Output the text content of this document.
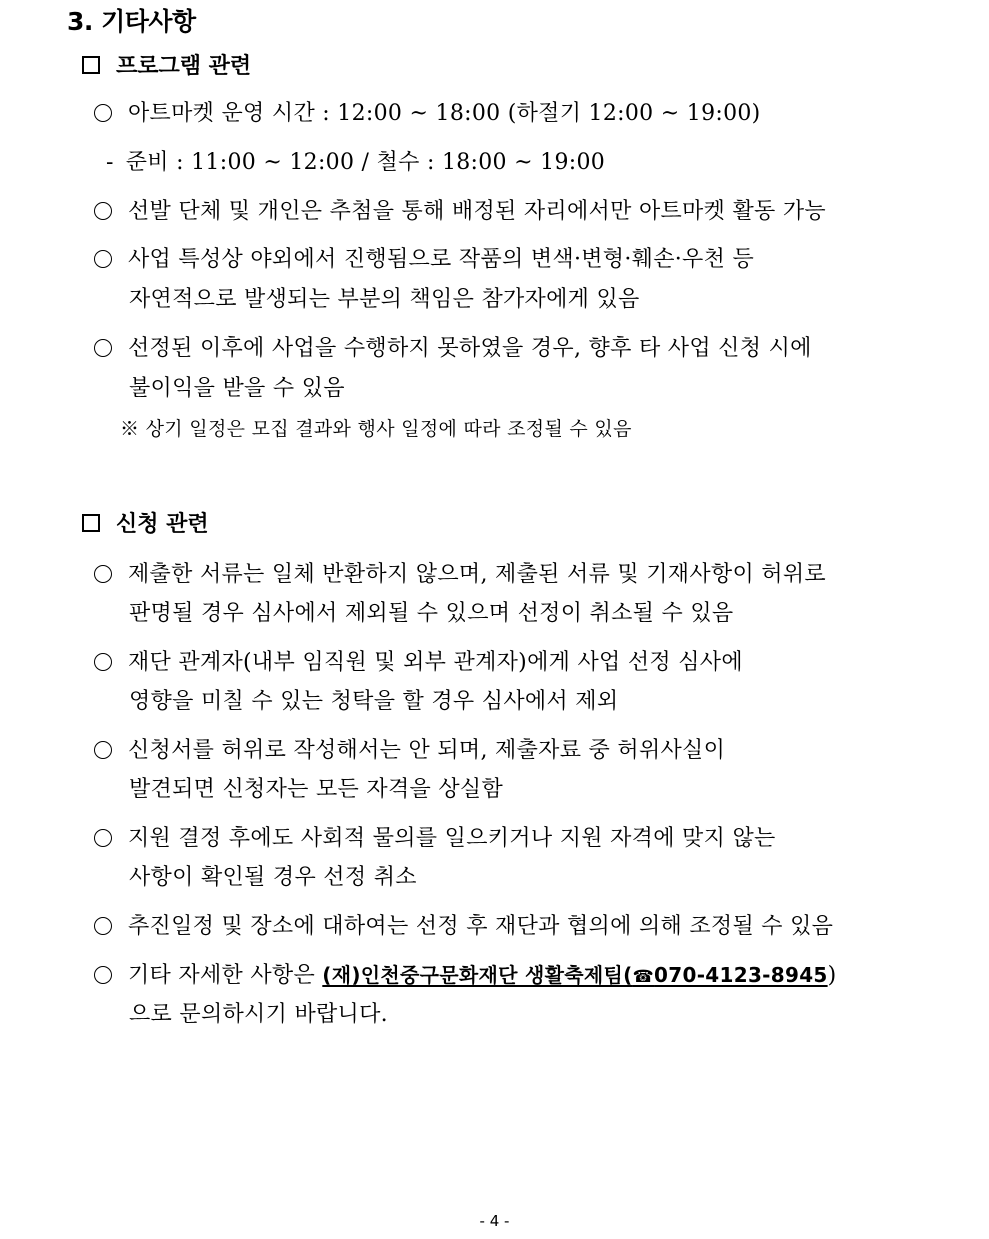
3. 기타사항
프로그램 관련
아트마켓 운영 시간 : 12:00 ~ 18:00 (하절기 12:00 ~ 19:00)
- 준비 : 11:00 ~ 12:00 / 철수 : 18:00 ~ 19:00
선발 단체 및 개인은 추첨을 통해 배정된 자리에서만 아트마켓 활동 가능
사업 특성상 야외에서 진행됨으로 작품의 변색·변형·훼손·우천 등
자연적으로 발생되는 부분의 책임은 참가자에게 있음
선정된 이후에 사업을 수행하지 못하였을 경우, 향후 타 사업 신청 시에
불이익을 받을 수 있음
※ 상기 일정은 모집 결과와 행사 일정에 따라 조정될 수 있음
신청 관련
제출한 서류는 일체 반환하지 않으며, 제출된 서류 및 기재사항이 허위로
판명될 경우 심사에서 제외될 수 있으며 선정이 취소될 수 있음
재단 관계자(내부 임직원 및 외부 관계자)에게 사업 선정 심사에
영향을 미칠 수 있는 청탁을 할 경우 심사에서 제외
신청서를 허위로 작성해서는 안 되며, 제출자료 중 허위사실이
발견되면 신청자는 모든 자격을 상실함
지원 결정 후에도 사회적 물의를 일으키거나 지원 자격에 맞지 않는
사항이 확인될 경우 선정 취소
추진일정 및 장소에 대하여는 선정 후 재단과 협의에 의해 조정될 수 있음
기타 자세한 사항은 (재)인천중구문화재단 생활축제팀(☎070-4123-8945)
으로 문의하시기 바랍니다.
- 4 -
